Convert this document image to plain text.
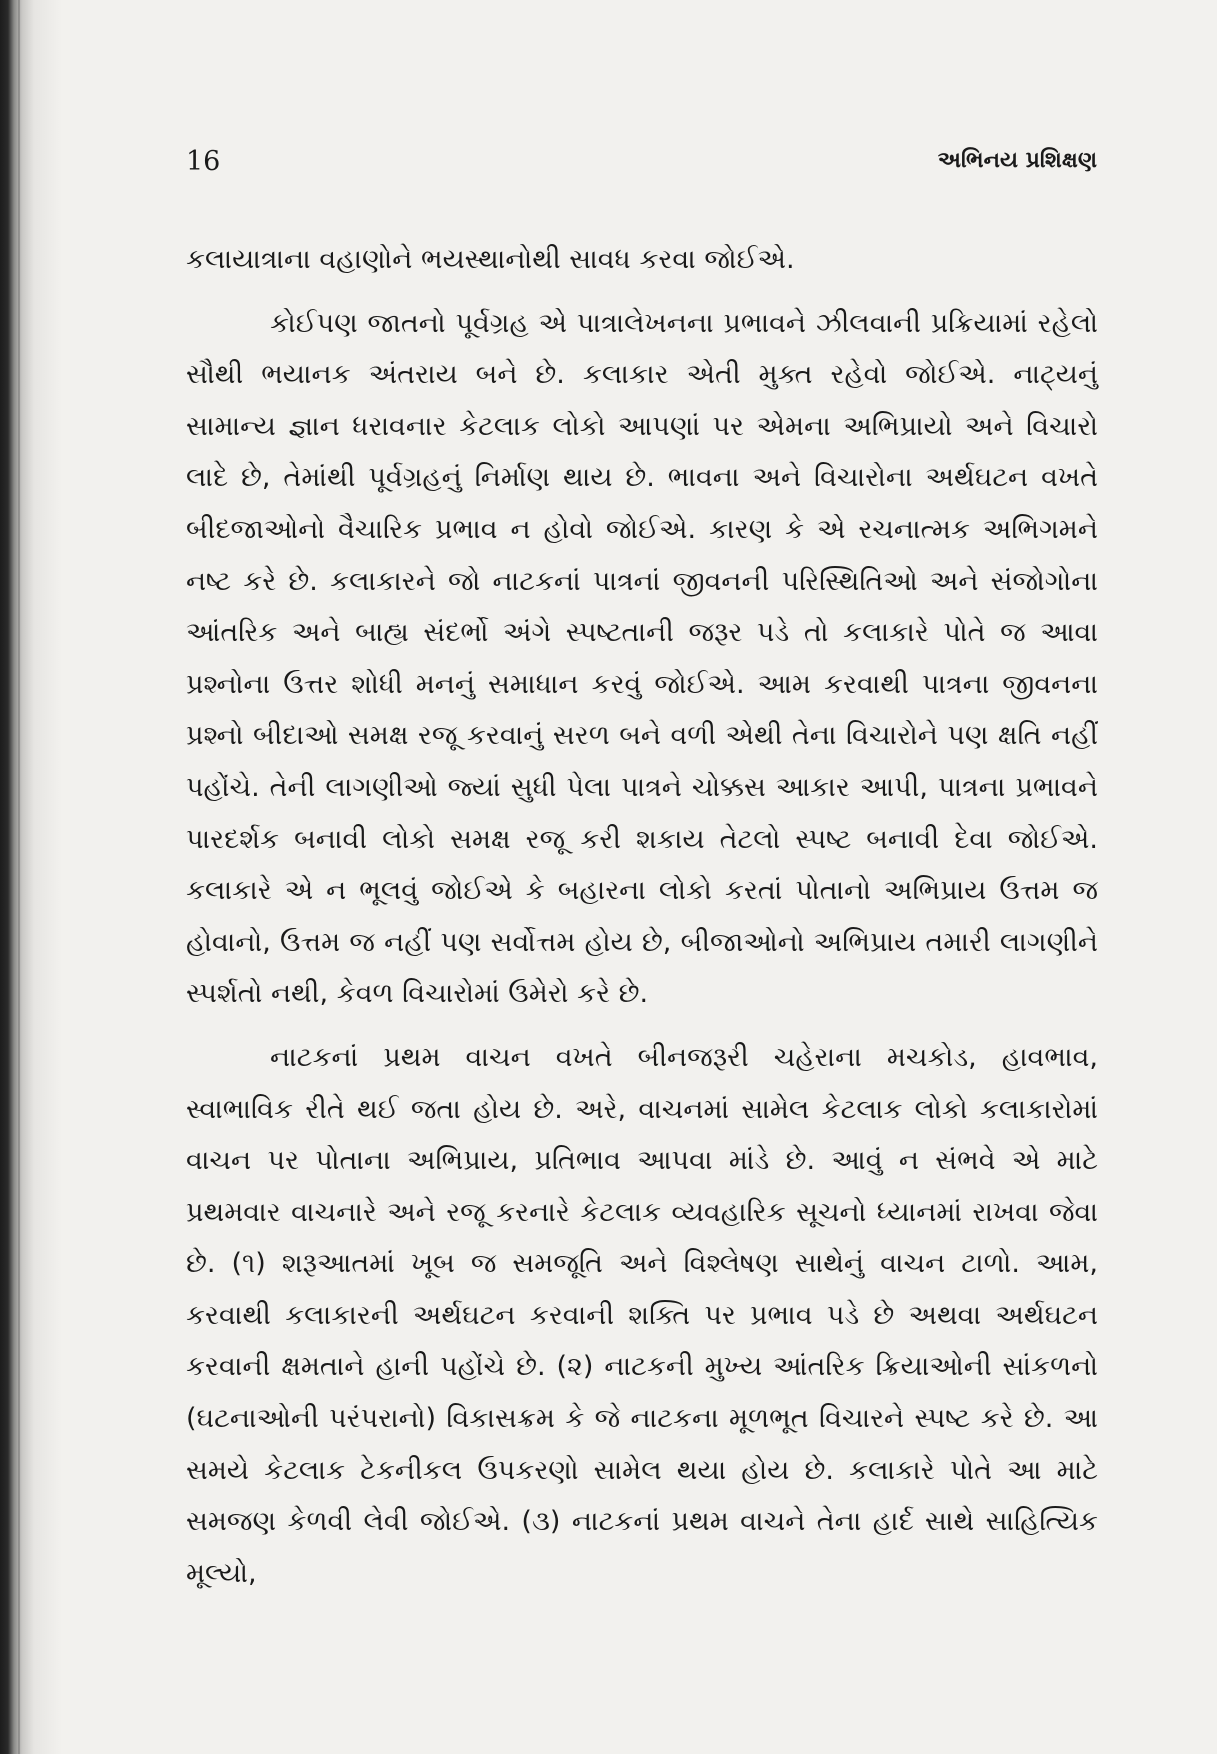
16	અભિનય પ્રશિક્ષણ

કલાયાત્રાના વહાણોને ભયસ્થાનોથી સાવધ કરવા જોઈએ.

કોઈપણ જાતનો પૂર્વગ્રહ એ પાત્રાલેખનના પ્રભાવને ઝીલવાની પ્રક્રિયામાં રહેલો સૌથી ભયાનક અંતરાય બને છે. કલાકાર એતી મુક્ત રહેવો જોઈએ. નાટ્યનું સામાન્ય જ્ઞાન ધરાવનાર કેટલાક લોકો આપણાં પર એમના અભિપ્રાયો અને વિચારો લાદે છે, તેમાંથી પૂર્વગ્રહનું નિર્માણ થાય છે. ભાવના અને વિચારોના અર્થઘટન વખતે બીદજાઓનો વૈચારિક પ્રભાવ ન હોવો જોઈએ. કારણ કે એ રચનાત્મક અભિગમને નષ્ટ કરે છે. કલાકારને જો નાટકનાં પાત્રનાં જીવનની પરિસ્થિતિઓ અને સંજોગોના આંતરિક અને બાહ્ય સંદર્ભો અંગે સ્પષ્ટતાની જરૂર પડે તો કલાકારે પોતે જ આવા પ્રશ્નોના ઉત્તર શોધી મનનું સમાધાન કરવું જોઈએ. આમ કરવાથી પાત્રના જીવનના પ્રશ્નો બીદાઓ સમક્ષ રજૂ કરવાનું સરળ બને વળી એથી તેના વિચારોને પણ ક્ષતિ નહીં પહોંચે. તેની લાગણીઓ જ્યાં સુધી પેલા પાત્રને ચોક્કસ આકાર આપી, પાત્રના પ્રભાવને પારદર્શક બનાવી લોકો સમક્ષ રજૂ કરી શકાય તેટલો સ્પષ્ટ બનાવી દેવા જોઈએ. કલાકારે એ ન ભૂલવું જોઈએ કે બહારના લોકો કરતાં પોતાનો અભિપ્રાય ઉત્તમ જ હોવાનો, ઉત્તમ જ નહીં પણ સર્વોત્તમ હોય છે, બીજાઓનો અભિપ્રાય તમારી લાગણીને સ્પર્શતો નથી, કેવળ વિચારોમાં ઉમેરો કરે છે.

નાટકનાં પ્રથમ વાચન વખતે બીનજરૂરી ચહેરાના મચકોડ, હાવભાવ, સ્વાભાવિક રીતે થઈ જતા હોય છે. અરે, વાચનમાં સામેલ કેટલાક લોકો કલાકારોમાં વાચન પર પોતાના અભિપ્રાય, પ્રતિભાવ આપવા માંડે છે. આવું ન સંભવે એ માટે પ્રથમવાર વાચનારે અને રજૂ કરનારે કેટલાક વ્યવહારિક સૂચનો ધ્યાનમાં રાખવા જેવા છે. (૧) શરૂઆતમાં ખૂબ જ સમજૂતિ અને વિશ્લેષણ સાથેનું વાચન ટાળો. આમ, કરવાથી કલાકારની અર્થઘટન કરવાની શક્તિ પર પ્રભાવ પડે છે અથવા અર્થઘટન કરવાની ક્ષમતાને હાની પહોંચે છે. (૨) નાટકની મુખ્ય આંતરિક ક્રિયાઓની સાંકળનો (ઘટનાઓની પરંપરાનો) વિકાસક્રમ કે જે નાટકના મૂળભૂત વિચારને સ્પષ્ટ કરે છે. આ સમયે કેટલાક ટેકનીકલ ઉપકરણો સામેલ થયા હોય છે. કલાકારે પોતે આ માટે સમજણ કેળવી લેવી જોઈએ. (૩) નાટકનાં પ્રથમ વાચને તેના હાર્દ સાથે સાહિત્યિક મૂલ્યો,
